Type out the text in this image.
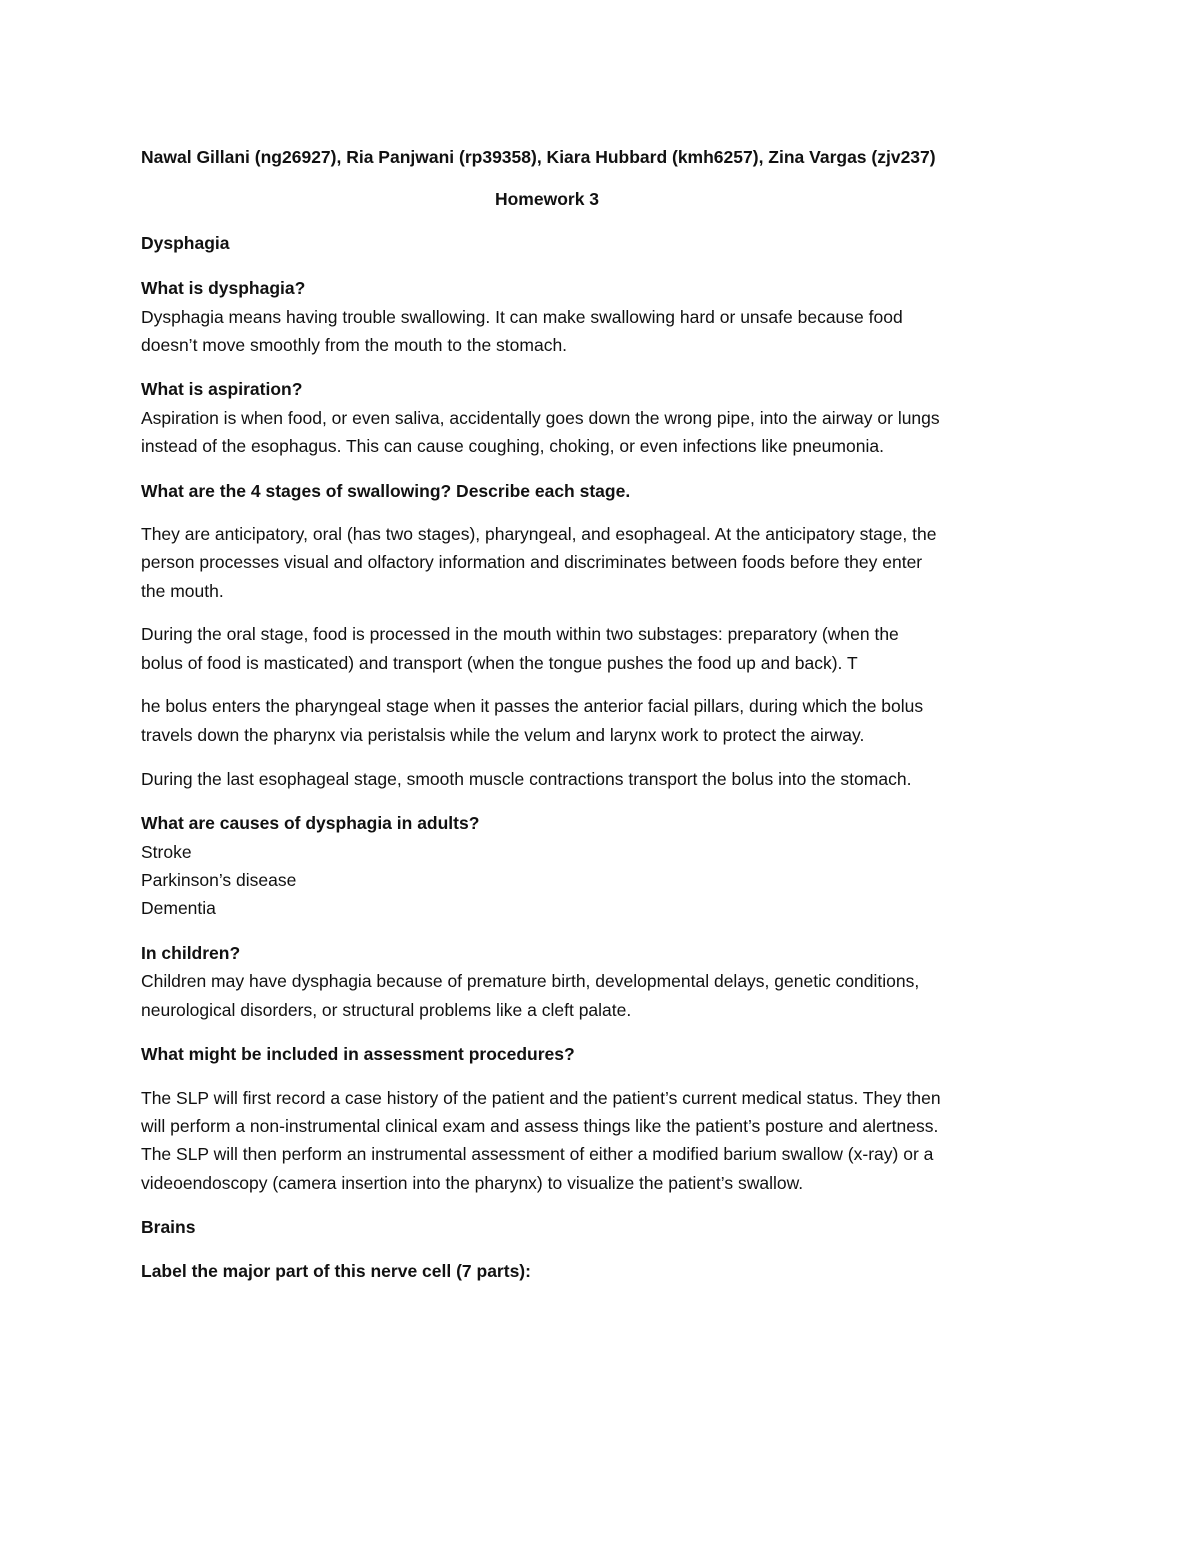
Nawal Gillani (ng26927), Ria Panjwani (rp39358), Kiara Hubbard (kmh6257), Zina Vargas (zjv237)
Homework 3
Dysphagia
What is dysphagia?
Dysphagia means having trouble swallowing. It can make swallowing hard or unsafe because food
doesn’t move smoothly from the mouth to the stomach.
What is aspiration?
Aspiration is when food, or even saliva, accidentally goes down the wrong pipe, into the airway or lungs
instead of the esophagus. This can cause coughing, choking, or even infections like pneumonia.
What are the 4 stages of swallowing? Describe each stage.
They are anticipatory, oral (has two stages), pharyngeal, and esophageal. At the anticipatory stage, the
person processes visual and olfactory information and discriminates between foods before they enter
the mouth.
During the oral stage, food is processed in the mouth within two substages: preparatory (when the
bolus of food is masticated) and transport (when the tongue pushes the food up and back). T
he bolus enters the pharyngeal stage when it passes the anterior facial pillars, during which the bolus
travels down the pharynx via peristalsis while the velum and larynx work to protect the airway.
During the last esophageal stage, smooth muscle contractions transport the bolus into the stomach.
What are causes of dysphagia in adults?
Stroke
Parkinson’s disease
Dementia
In children?
Children may have dysphagia because of premature birth, developmental delays, genetic conditions,
neurological disorders, or structural problems like a cleft palate.
What might be included in assessment procedures?
The SLP will first record a case history of the patient and the patient’s current medical status. They then
will perform a non-instrumental clinical exam and assess things like the patient’s posture and alertness.
The SLP will then perform an instrumental assessment of either a modified barium swallow (x-ray) or a
videoendoscopy (camera insertion into the pharynx) to visualize the patient’s swallow.
Brains
Label the major part of this nerve cell (7 parts):
